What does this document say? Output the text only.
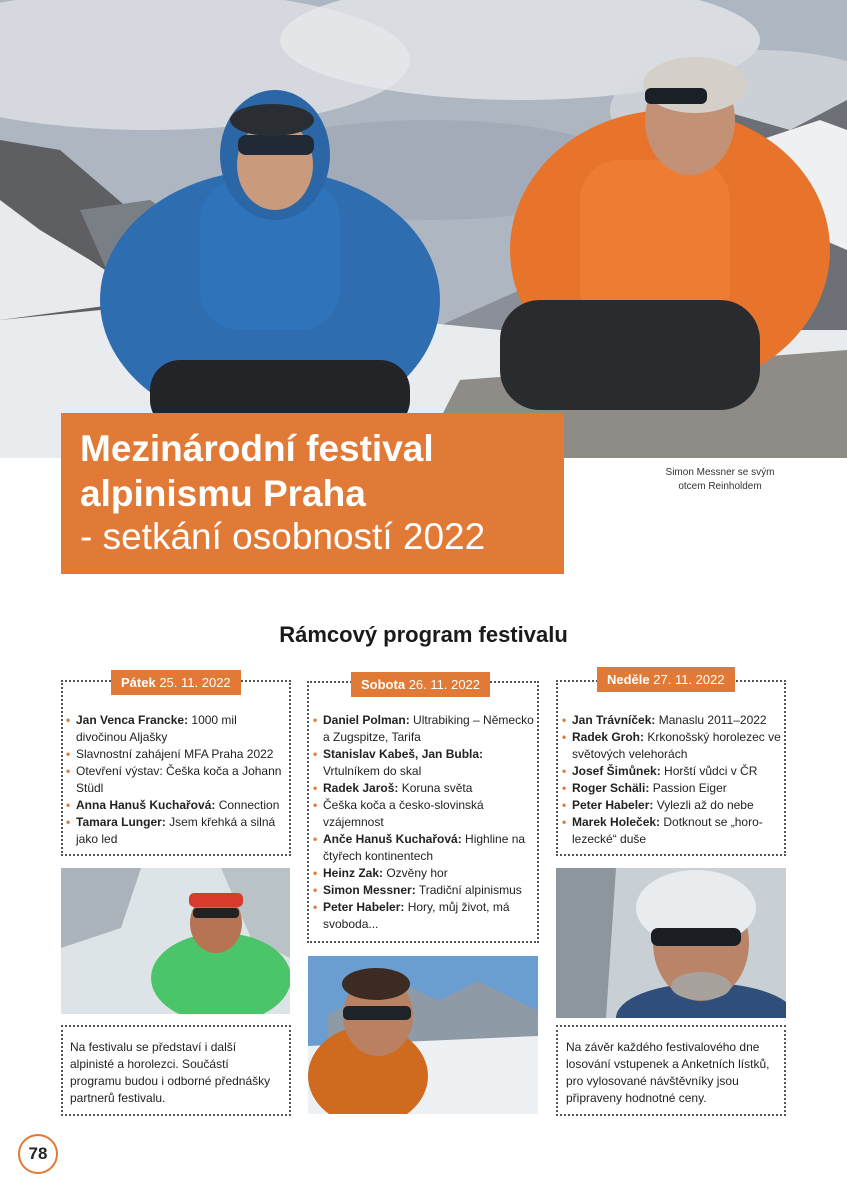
Mezinárodní festival
alpinismu Praha
- setkání osobností 2022
Simon Messner se svým
otcem Reinholdem
Rámcový program festivalu
Pátek 25. 11. 2022
• Jan Venca Francke: 1000 mil divočinou Aljašky
• Slavnostní zahájení MFA Praha 2022
• Otevření výstav: Češka koča a Johann Stüdl
• Anna Hanuš Kuchařová: Connection
• Tamara Lunger: Jsem křehká a silná jako led
Na festivalu se představí i další alpinisté a horolezci. Součástí programu budou i odborné přednášky partnerů festivalu.
Sobota 26. 11. 2022
• Daniel Polman: Ultrabiking – Německo a Zugspitze, Tarifa
• Stanislav Kabeš, Jan Bubla: Vrtulníkem do skal
• Radek Jaroš: Koruna světa
• Češka koča a česko-slovinská vzájemnost
• Ančе Hanuš Kuchařová: Highline na čtyřech kontinentech
• Heinz Zak: Ozvěny hor
• Simon Messner: Tradiční alpinismus
• Peter Habeler: Hory, můj život, má svoboda...
Neděle 27. 11. 2022
• Jan Trávníček: Manaslu 2011–2022
• Radek Groh: Krkonošský horolezec ve světových velehorách
• Josef Šimůnek: Horští vůdci v ČR
• Roger Schäli: Passion Eiger
• Peter Habeler: Vylezli až do nebe
• Marek Holeček: Dotknout se „horo-lezecké“ duše
Na závěr každého festivalového dne losování vstupenek a Anketních lístků, pro vylosované návštěvníky jsou připraveny hodnotné ceny.
78
